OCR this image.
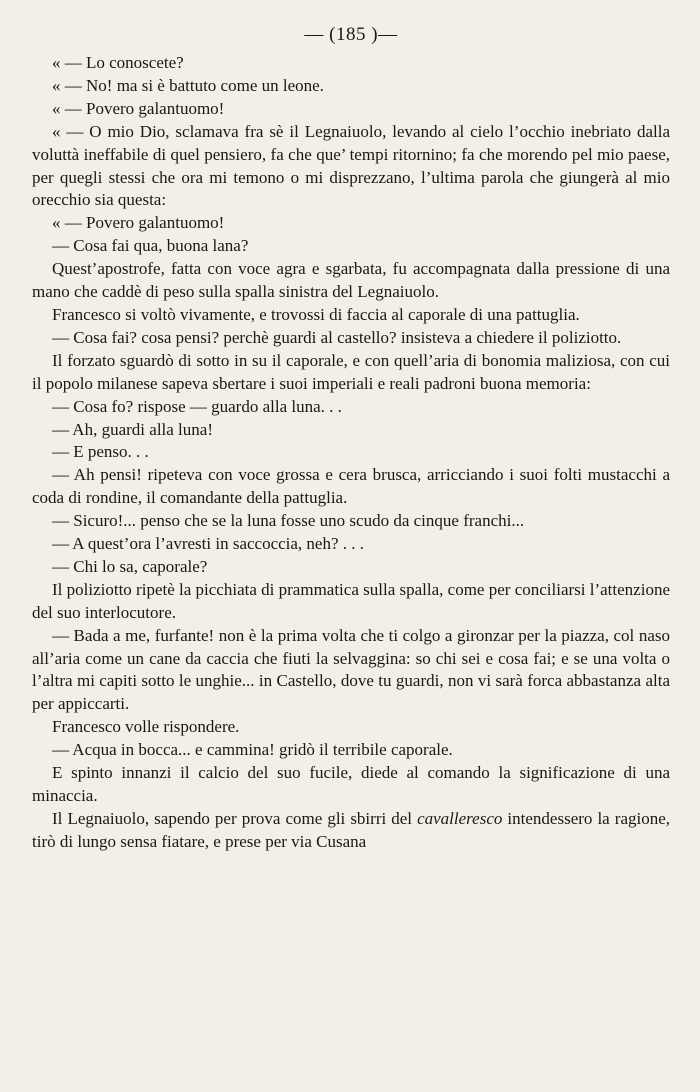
— (185 )—

« — Lo conoscete?

« — No! ma si è battuto come un leone.

« — Povero galantuomo!

« — O mio Dio, sclamava fra sè il Legnaiuolo, levando al cielo l’occhio inebriato dalla voluttà ineffabile di quel pensiero, fa che que’ tempi ritornino; fa che morendo pel mio paese, per quegli stessi che ora mi temono o mi disprezzano, l’ultima parola che giungerà al mio orecchio sia questa:

« — Povero galantuomo!

— Cosa fai qua, buona lana?

Quest’apostrofe, fatta con voce agra e sgarbata, fu accompagnata dalla pressione di una mano che caddè di peso sulla spalla sinistra del Legnaiuolo.

Francesco si voltò vivamente, e trovossi di faccia al caporale di una pattuglia.

— Cosa fai? cosa pensi? perchè guardi al castello? insisteva a chiedere il poliziotto.

Il forzato sguardò di sotto in su il caporale, e con quell’aria di bonomia maliziosa, con cui il popolo milanese sapeva sbertare i suoi imperiali e reali padroni buona memoria:

— Cosa fo? rispose — guardo alla luna. . .

— Ah, guardi alla luna!

— E penso. . .

— Ah pensi! ripeteva con voce grossa e cera brusca, arricciando i suoi folti mustacchi a coda di rondine, il comandante della pattuglia.

— Sicuro!... penso che se la luna fosse uno scudo da cinque franchi...

— A quest’ora l’avresti in saccoccia, neh? . . .

— Chi lo sa, caporale?

Il poliziotto ripetè la picchiata di prammatica sulla spalla, come per conciliarsi l’attenzione del suo interlocutore.

— Bada a me, furfante! non è la prima volta che ti colgo a gironzar per la piazza, col naso all’aria come un cane da caccia che fiuti la selvaggina: so chi sei e cosa fai; e se una volta o l’altra mi capiti sotto le unghie... in Castello, dove tu guardi, non vi sarà forca abbastanza alta per appiccarti.

Francesco volle rispondere.

— Acqua in bocca... e cammina! gridò il terribile caporale.

E spinto innanzi il calcio del suo fucile, diede al comando la significazione di una minaccia.

Il Legnaiuolo, sapendo per prova come gli sbirri del cavalleresco intendessero la ragione, tirò di lungo sensa fiatare, e prese per via Cusana
